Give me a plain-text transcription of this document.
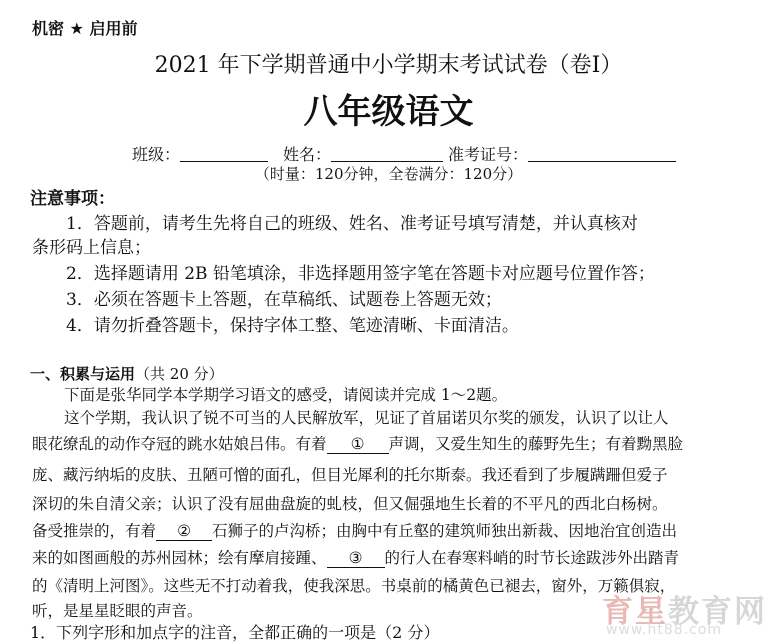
机密 ★ 启用前
2021 年下学期普通中小学期末考试试卷（卷Ⅰ）
八年级语文
班级：	姓名：	准考证号：
（时量：120分钟，全卷满分：120分）
注意事项：
1．答题前，请考生先将自己的班级、姓名、准考证号填写清楚，并认真核对
条形码上信息；
2．选择题请用 2B 铅笔填涂，非选择题用签字笔在答题卡对应题号位置作答；
3．必须在答题卡上答题，在草稿纸、试题卷上答题无效；
4．请勿折叠答题卡，保持字体工整、笔迹清晰、卡面清洁。
一、积累与运用（共 20 分）
下面是张华同学本学期学习语文的感受，请阅读并完成 1～2题。
这个学期，我认识了锐不可当的人民解放军，见证了首届诺贝尔奖的颁发，认识了以让人
眼花缭乱的动作夺冠的跳水姑娘吕伟。有着 ① 声调，又爱生知生的藤野先生；有着黝黑脸
庞、藏污纳垢的皮肤、丑陋可憎的面孔，但目光犀利的托尔斯泰。我还看到了步履蹒跚但爱子
深切的朱自清父亲；认识了没有屈曲盘旋的虬枝，但又倔强地生长着的不平凡的西北白杨树。
备受推崇的，有着 ② 石狮子的卢沟桥；由胸中有丘壑的建筑师独出新裁、因地治宜创造出
来的如图画般的苏州园林；绘有摩肩接踵、 ③ 的行人在春寒料峭的时节长途跋涉外出踏青
的《清明上河图》。这些无不打动着我，使我深思。书桌前的橘黄色已褪去，窗外，万籁俱寂，
听，是星星眨眼的声音。
1．下列字形和加点字的注音，全都正确的一项是（2 分）
育星教育网
www.ht88.com
